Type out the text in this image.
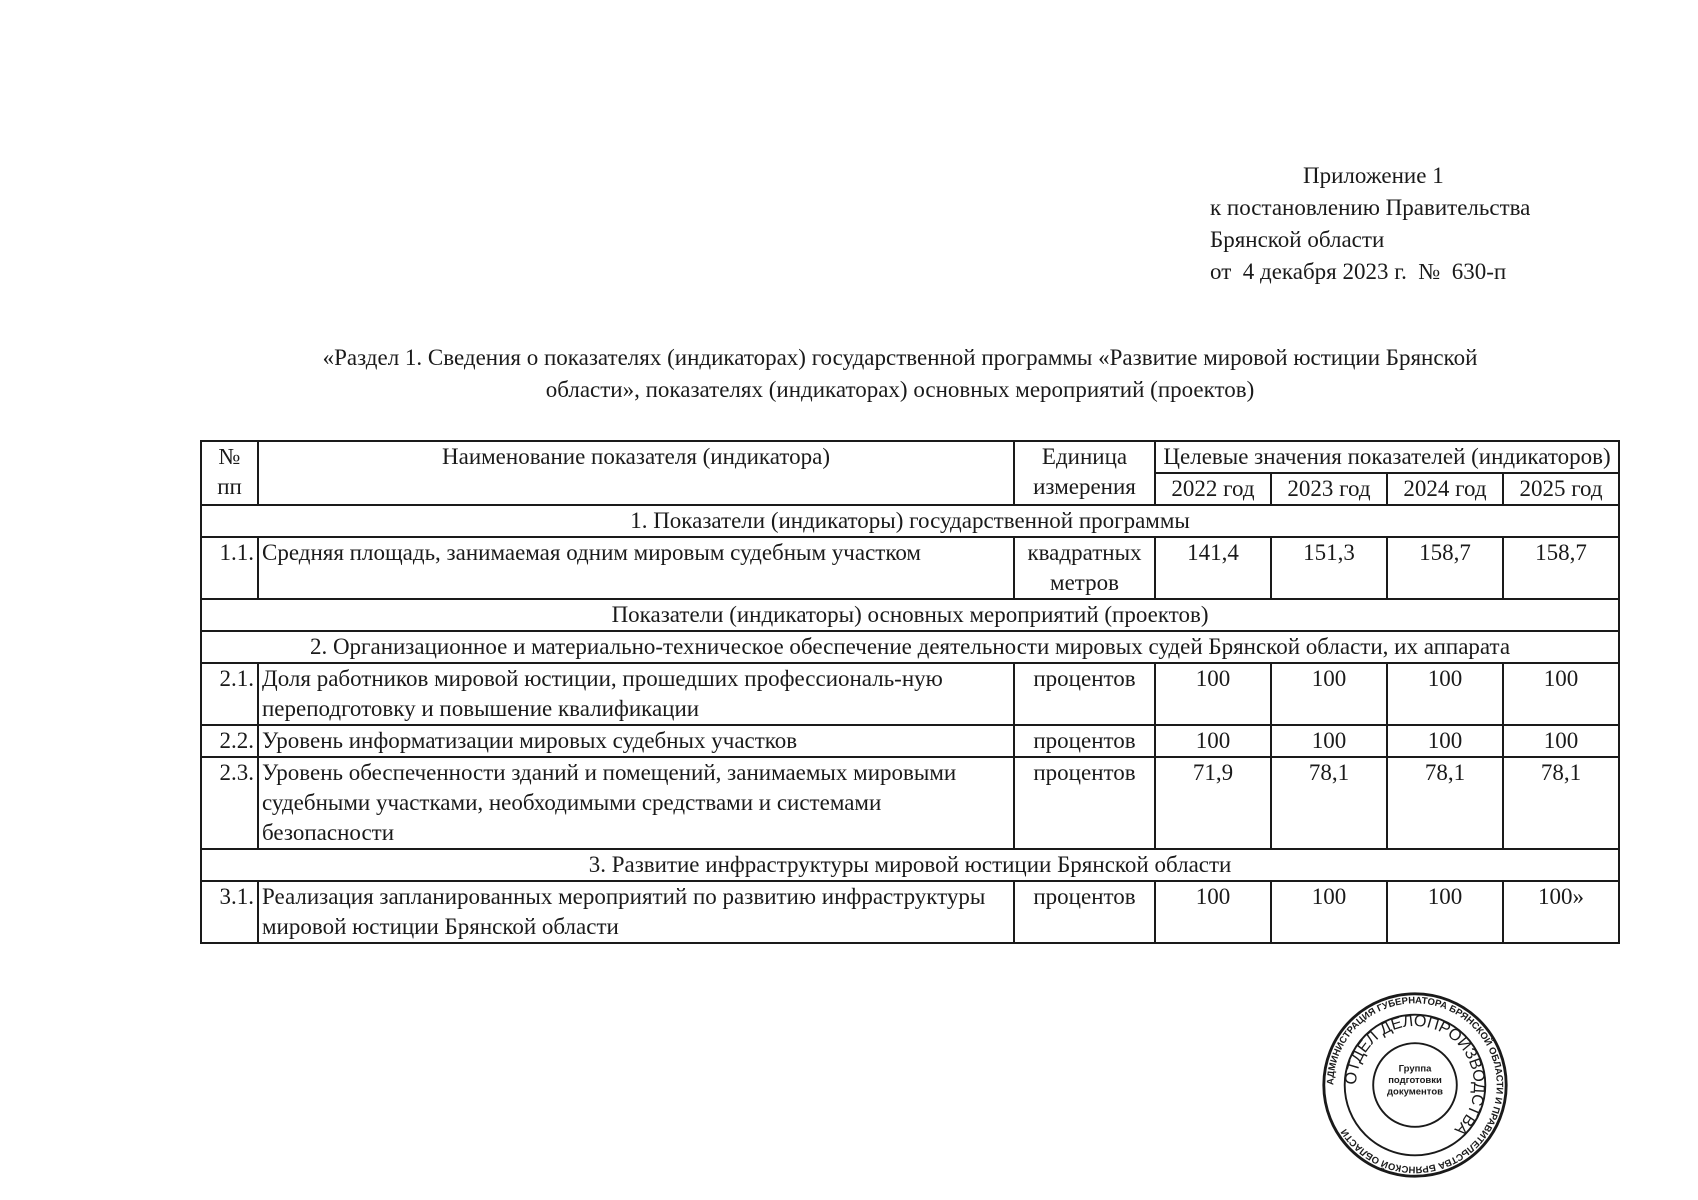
Приложение 1
к постановлению Правительства
Брянской области
от  4 декабря 2023 г.  №  630-п
«Раздел 1. Сведения о показателях (индикаторах) государственной программы «Развитие мировой юстиции Брянской
области», показателях (индикаторах) основных мероприятий (проектов)
№ пп	Наименование показателя (индикатора)	Единица измерения	Целевые значения показателей (индикаторов)			
			2022 год	2023 год	2024 год	2025 год
1. Показатели (индикаторы) государственной программы						
1.1.	Средняя площадь, занимаемая одним мировым судебным участком	квадратных метров	141,4	151,3	158,7	158,7
Показатели (индикаторы) основных мероприятий (проектов)						
2. Организационное и материально-техническое обеспечение деятельности мировых судей Брянской области, их аппарата						
2.1.	Доля работников мировой юстиции, прошедших профессиональ-ную переподготовку и повышение квалификации	процентов	100	100	100	100
2.2.	Уровень информатизации мировых судебных участков	процентов	100	100	100	100
2.3.	Уровень обеспеченности зданий и помещений, занимаемых мировыми судебными участками, необходимыми средствами и системами безопасности	процентов	71,9	78,1	78,1	78,1
3. Развитие инфраструктуры мировой юстиции Брянской области						
3.1.	Реализация запланированных мероприятий по развитию инфраструктуры мировой юстиции Брянской области	процентов	100	100	100	100»
АДМИНИСТРАЦИЯ ГУБЕРНАТОРА БРЯНСКОЙ ОБЛАСТИ И ПРАВИТЕЛЬСТВА БРЯНСКОЙ ОБЛАСТИ
ОТДЕЛ ДЕЛОПРОИЗВОДСТВА
Группа подготовки документов
